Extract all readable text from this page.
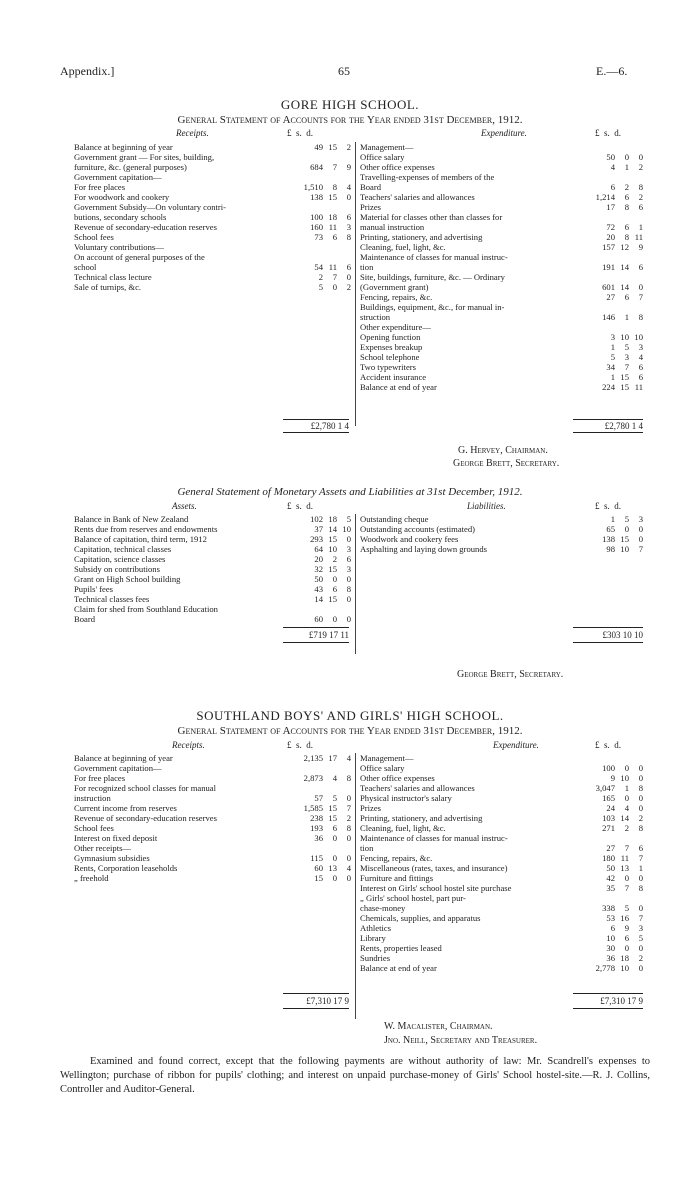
Appendix.]	65	E.—6.
GORE HIGH SCHOOL.
General Statement of Accounts for the Year ended 31st December, 1912.
Receipts.	Expenditure.
£  s.  d.	£  s.  d.
Balance at beginning of year	49	15	2
Government grant — For sites, building,			
furniture, &c. (general purposes)	684	7	9
Government capitation—			
For free places	1,510	8	4
For woodwork and cookery	138	15	0
Government Subsidy—On voluntary contri-			
butions, secondary schools	100	18	6
Revenue of secondary-education reserves	160	11	3
School fees	73	6	8
Voluntary contributions—			
On account of general purposes of the			
school	54	11	6
Technical class lecture	2	7	0
Sale of turnips, &c.	5	0	2
Management—			
Office salary	50	0	0
Other office expenses	4	1	2
Travelling-expenses of members of the			
Board	6	2	8
Teachers' salaries and allowances	1,214	6	2
Prizes	17	8	6
Material for classes other than classes for			
manual instruction	72	6	1
Printing, stationery, and advertising	20	8	11
Cleaning, fuel, light, &c.	157	12	9
Maintenance of classes for manual instruc-			
tion	191	14	6
Site, buildings, furniture, &c. — Ordinary			
(Government grant)	601	14	0
Fencing, repairs, &c.	27	6	7
Buildings, equipment, &c., for manual in-			
struction	146	1	8
Other expenditure—			
Opening function	3	10	10
Expenses breakup	1	5	3
School telephone	5	3	4
Two typewriters	34	7	6
Accident insurance	1	15	6
Balance at end of year	224	15	11
£2,780 1 4	£2,780 1 4
G. Hervey, Chairman.
George Brett, Secretary.
General Statement of Monetary Assets and Liabilities at 31st December, 1912.
Assets.	Liabilities.
£  s.  d.	£  s.  d.
Balance in Bank of New Zealand	102	18	5
Rents due from reserves and endowments	37	14	10
Balance of capitation, third term, 1912	293	15	0
Capitation, technical classes	64	10	3
Capitation, science classes	20	2	6
Subsidy on contributions	32	15	3
Grant on High School building	50	0	0
Pupils' fees	43	6	8
Technical classes fees	14	15	0
Claim for shed from Southland Education			
Board	60	0	0
Outstanding cheque	1	5	3
Outstanding accounts (estimated)	65	0	0
Woodwork and cookery fees	138	15	0
Asphalting and laying down grounds	98	10	7
£719 17 11	£303 10 10
George Brett, Secretary.
SOUTHLAND BOYS' AND GIRLS' HIGH SCHOOL.
General Statement of Accounts for the Year ended 31st December, 1912.
Receipts.	Expenditure.
£  s.  d.	£  s.  d.
Balance at beginning of year	2,135	17	4
Government capitation—			
For free places	2,873	4	8
For recognized school classes for manual			
instruction	57	5	0
Current income from reserves	1,585	15	7
Revenue of secondary-education reserves	238	15	2
School fees	193	6	8
Interest on fixed deposit	36	0	0
Other receipts—			
Gymnasium subsidies	115	0	0
Rents, Corporation leaseholds	60	13	4
„ freehold	15	0	0
Management—			
Office salary	100	0	0
Other office expenses	9	10	0
Teachers' salaries and allowances	3,047	1	8
Physical instructor's salary	165	0	0
Prizes	24	4	0
Printing, stationery, and advertising	103	14	2
Cleaning, fuel, light, &c.	271	2	8
Maintenance of classes for manual instruc-			
tion	27	7	6
Fencing, repairs, &c.	180	11	7
Miscellaneous (rates, taxes, and insurance)	50	13	1
Furniture and fittings	42	0	0
Interest on Girls' school hostel site purchase	35	7	8
„ Girls' school hostel, part pur-			
chase-money	338	5	0
Chemicals, supplies, and apparatus	53	16	7
Athletics	6	9	3
Library	10	6	5
Rents, properties leased	30	0	0
Sundries	36	18	2
Balance at end of year	2,778	10	0
£7,310 17 9	£7,310 17 9
W. Macalister, Chairman.
Jno. Neill, Secretary and Treasurer.
Examined and found correct, except that the following payments are without authority of law: Mr. Scandrell's expenses to Wellington; purchase of ribbon for pupils' clothing; and interest on unpaid purchase-money of Girls' School hostel-site.—R. J. Collins, Controller and Auditor-General.
